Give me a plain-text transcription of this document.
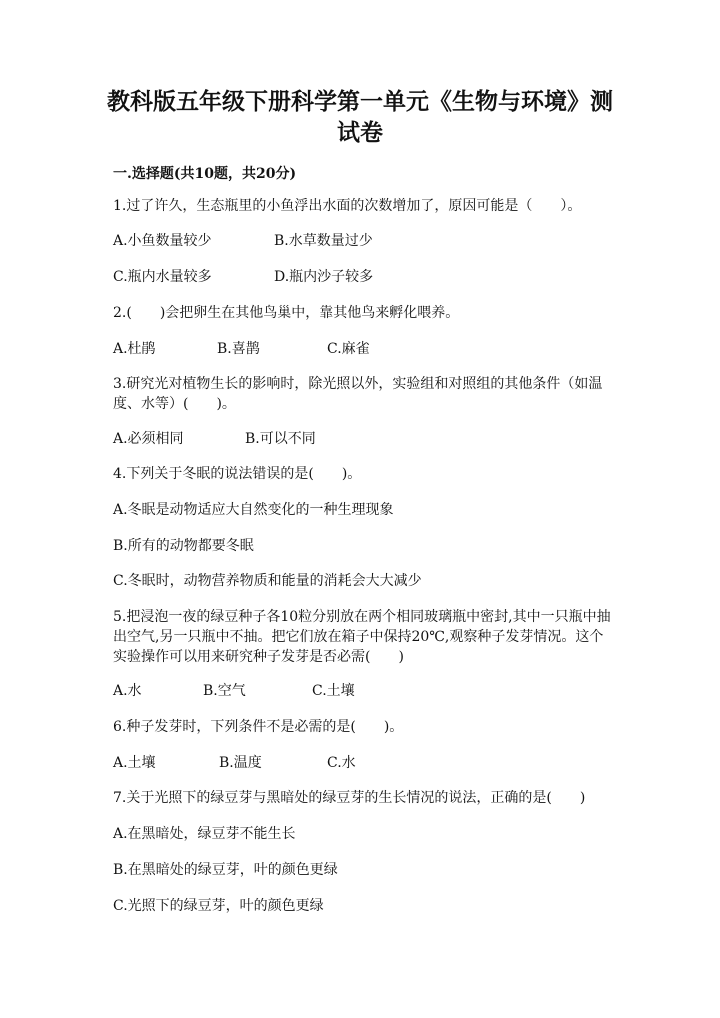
教科版五年级下册科学第一单元《生物与环境》测试卷
一.选择题(共10题，共20分)
1.过了许久，生态瓶里的小鱼浮出水面的次数增加了，原因可能是（　　）。
A.小鱼数量较少	B.水草数量过少
C.瓶内水量较多	D.瓶内沙子较多
2.(　　)会把卵生在其他鸟巢中，靠其他鸟来孵化喂养。
A.杜鹃	B.喜鹊	C.麻雀
3.研究光对植物生长的影响时，除光照以外，实验组和对照组的其他条件（如温度、水等）(　　)。
A.必须相同	B.可以不同
4.下列关于冬眠的说法错误的是(　　)。
A.冬眠是动物适应大自然变化的一种生理现象
B.所有的动物都要冬眠
C.冬眠时，动物营养物质和能量的消耗会大大减少
5.把浸泡一夜的绿豆种子各10粒分别放在两个相同玻璃瓶中密封,其中一只瓶中抽出空气,另一只瓶中不抽。把它们放在箱子中保持20℃,观察种子发芽情况。这个实验操作可以用来研究种子发芽是否必需(　　)
A.水	B.空气	C.土壤
6.种子发芽时，下列条件不是必需的是(　　)。
A.土壤	B.温度	C.水
7.关于光照下的绿豆芽与黑暗处的绿豆芽的生长情况的说法，正确的是(　　)
A.在黑暗处，绿豆芽不能生长
B.在黑暗处的绿豆芽，叶的颜色更绿
C.光照下的绿豆芽，叶的颜色更绿
